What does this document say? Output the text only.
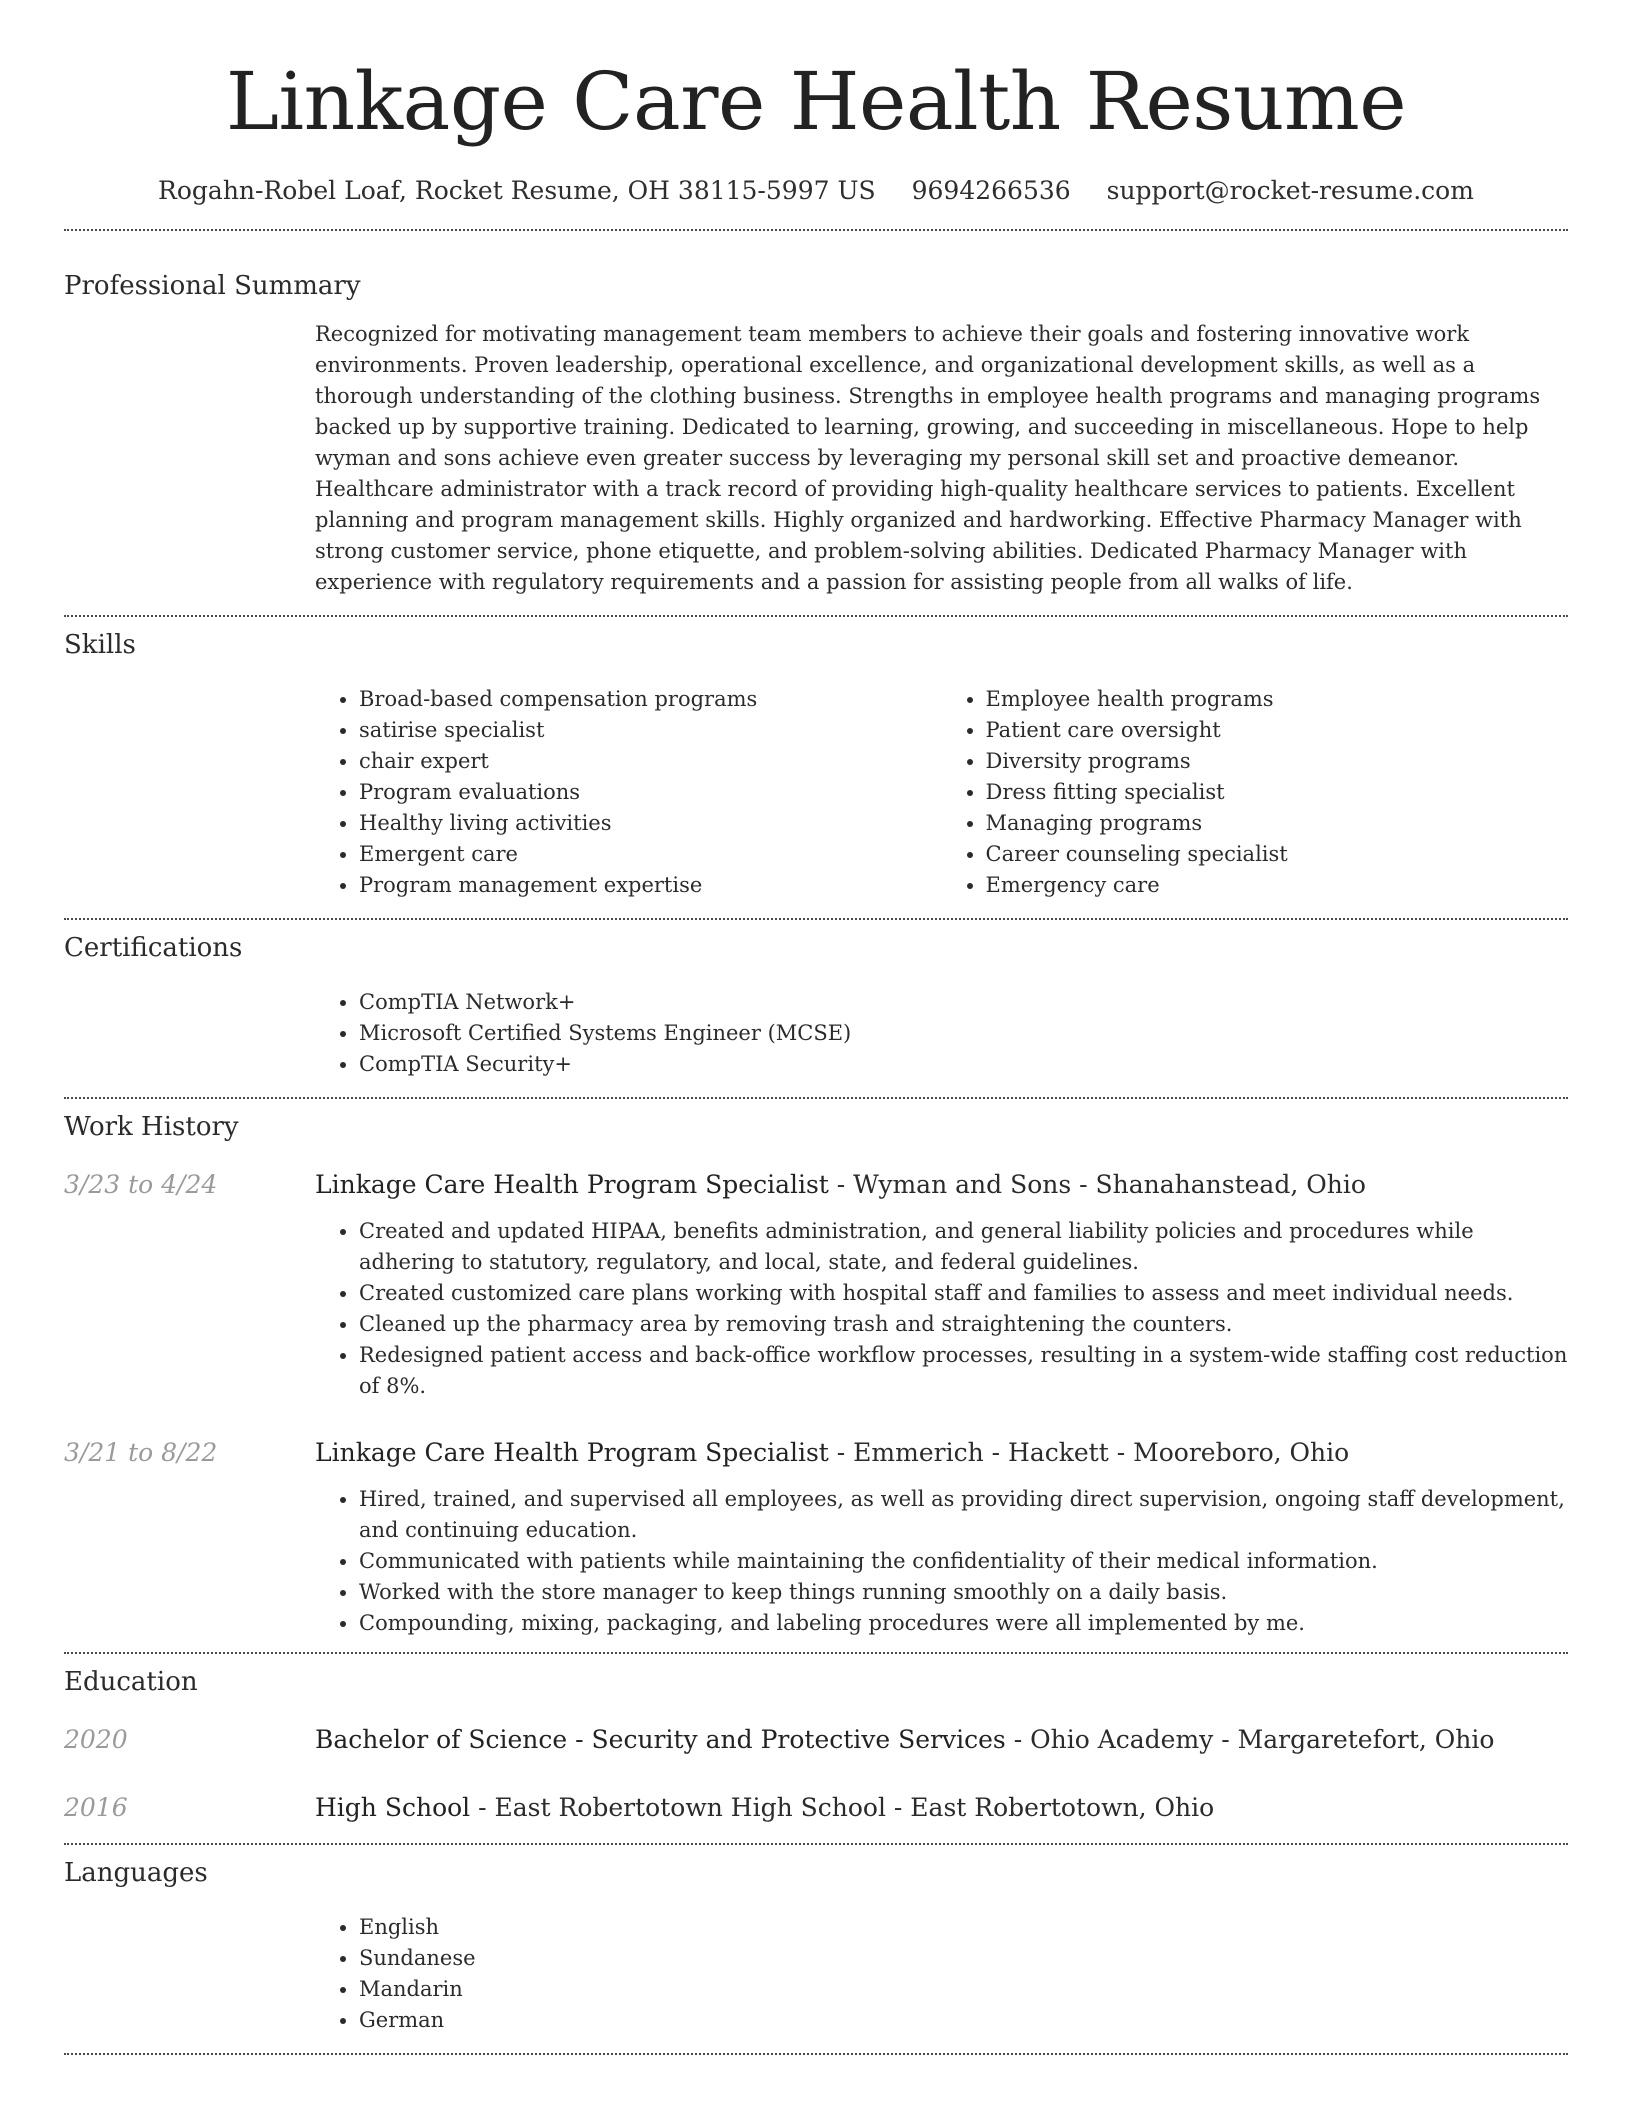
Linkage Care Health Resume
Rogahn-Robel Loaf, Rocket Resume, OH 38115-5997 US 9694266536 support@rocket-resume.com
Professional Summary

Recognized for motivating management team members to achieve their goals and fostering innovative work environments. Proven leadership, operational excellence, and organizational development skills, as well as a thorough understanding of the clothing business. Strengths in employee health programs and managing programs backed up by supportive training. Dedicated to learning, growing, and succeeding in miscellaneous. Hope to help wyman and sons achieve even greater success by leveraging my personal skill set and proactive demeanor. Healthcare administrator with a track record of providing high-quality healthcare services to patients. Excellent planning and program management skills. Highly organized and hardworking. Effective Pharmacy Manager with strong customer service, phone etiquette, and problem-solving abilities. Dedicated Pharmacy Manager with experience with regulatory requirements and a passion for assisting people from all walks of life.

Skills
• Broad-based compensation programs
• satirise specialist
• chair expert
• Program evaluations
• Healthy living activities
• Emergent care
• Program management expertise
• Employee health programs
• Patient care oversight
• Diversity programs
• Dress fitting specialist
• Managing programs
• Career counseling specialist
• Emergency care
Certifications
• CompTIA Network+
• Microsoft Certified Systems Engineer (MCSE)
• CompTIA Security+
Work History
3/23 to 4/24	Linkage Care Health Program Specialist - Wyman and Sons - Shanahanstead, Ohio
• Created and updated HIPAA, benefits administration, and general liability policies and procedures while adhering to statutory, regulatory, and local, state, and federal guidelines.
• Created customized care plans working with hospital staff and families to assess and meet individual needs.
• Cleaned up the pharmacy area by removing trash and straightening the counters.
• Redesigned patient access and back-office workflow processes, resulting in a system-wide staffing cost reduction of 8%.
3/21 to 8/22	Linkage Care Health Program Specialist - Emmerich - Hackett - Mooreboro, Ohio
• Hired, trained, and supervised all employees, as well as providing direct supervision, ongoing staff development, and continuing education.
• Communicated with patients while maintaining the confidentiality of their medical information.
• Worked with the store manager to keep things running smoothly on a daily basis.
• Compounding, mixing, packaging, and labeling procedures were all implemented by me.
Education
2020	Bachelor of Science - Security and Protective Services - Ohio Academy - Margaretefort, Ohio
2016	High School - East Robertotown High School - East Robertotown, Ohio
Languages
• English
• Sundanese
• Mandarin
• German
